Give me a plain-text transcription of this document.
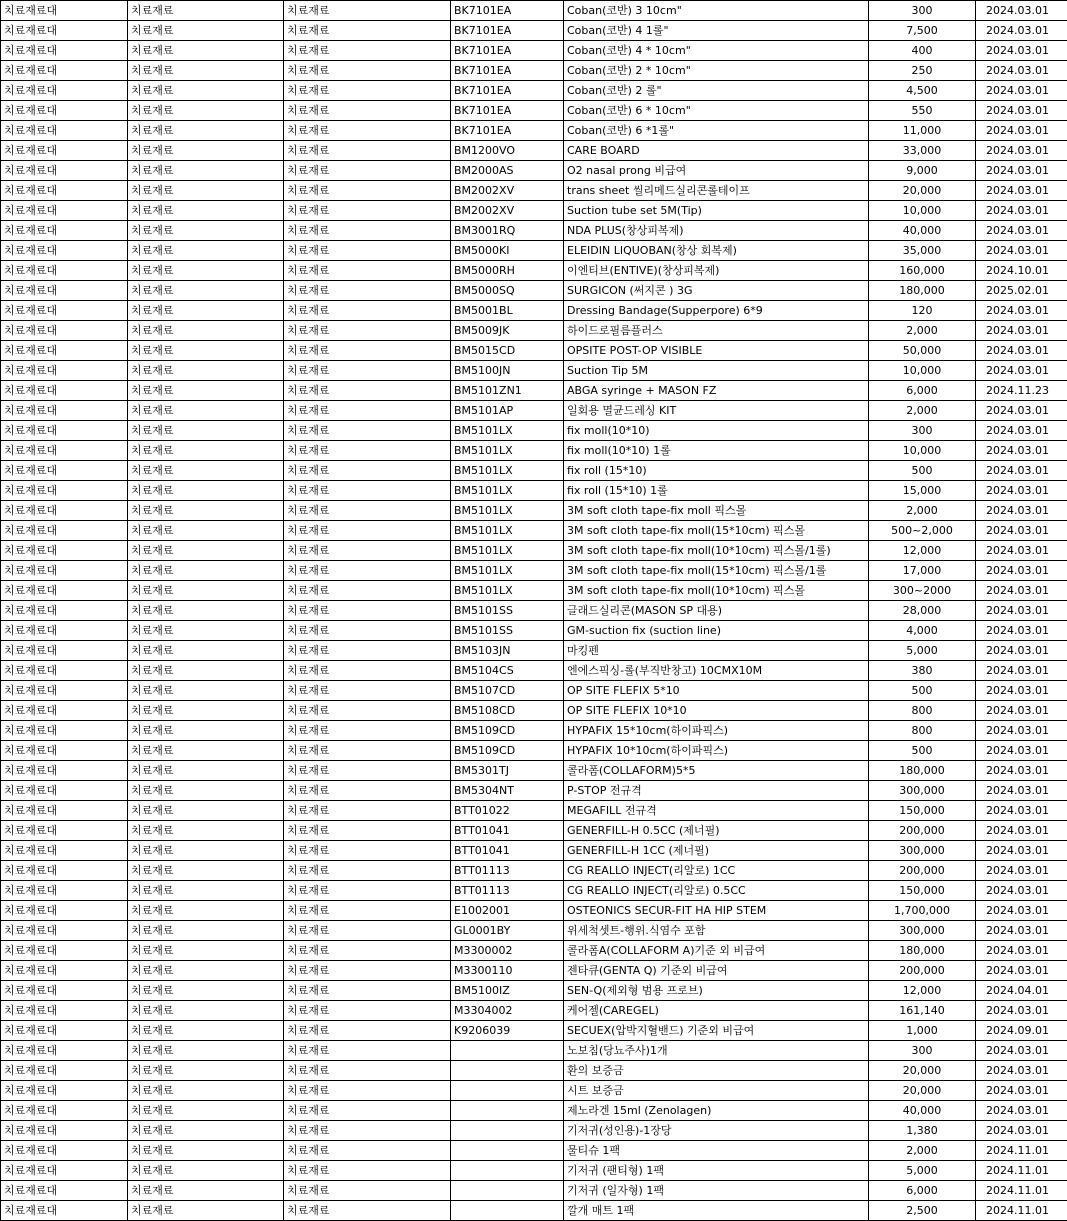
치료재료대	치료재료	치료재료	BK7101EA	Coban(코반) 3 10cm"	300	2024.03.01
치료재료대	치료재료	치료재료	BK7101EA	Coban(코반) 4 1롤"	7,500	2024.03.01
치료재료대	치료재료	치료재료	BK7101EA	Coban(코반) 4 * 10cm"	400	2024.03.01
치료재료대	치료재료	치료재료	BK7101EA	Coban(코반) 2 * 10cm"	250	2024.03.01
치료재료대	치료재료	치료재료	BK7101EA	Coban(코반) 2 롤"	4,500	2024.03.01
치료재료대	치료재료	치료재료	BK7101EA	Coban(코반) 6 * 10cm"	550	2024.03.01
치료재료대	치료재료	치료재료	BK7101EA	Coban(코반) 6 *1롤"	11,000	2024.03.01
치료재료대	치료재료	치료재료	BM1200VO	CARE BOARD	33,000	2024.03.01
치료재료대	치료재료	치료재료	BM2000AS	O2 nasal prong 비급여	9,000	2024.03.01
치료재료대	치료재료	치료재료	BM2002XV	trans sheet 씰리메드실리콘롤테이프	20,000	2024.03.01
치료재료대	치료재료	치료재료	BM2002XV	Suction tube set 5M(Tip)	10,000	2024.03.01
치료재료대	치료재료	치료재료	BM3001RQ	NDA PLUS(창상피복제)	40,000	2024.03.01
치료재료대	치료재료	치료재료	BM5000KI	ELEIDIN LIQUOBAN(창상 회복제)	35,000	2024.03.01
치료재료대	치료재료	치료재료	BM5000RH	이엔티브(ENTIVE)(창상피복제)	160,000	2024.10.01
치료재료대	치료재료	치료재료	BM5000SQ	SURGICON (써지콘 ) 3G	180,000	2025.02.01
치료재료대	치료재료	치료재료	BM5001BL	Dressing Bandage(Supperpore) 6*9	120	2024.03.01
치료재료대	치료재료	치료재료	BM5009JK	하이드로필름플러스	2,000	2024.03.01
치료재료대	치료재료	치료재료	BM5015CD	OPSITE POST-OP VISIBLE	50,000	2024.03.01
치료재료대	치료재료	치료재료	BM5100JN	Suction Tip 5M	10,000	2024.03.01
치료재료대	치료재료	치료재료	BM5101ZN1	ABGA syringe + MASON FZ	6,000	2024.11.23
치료재료대	치료재료	치료재료	BM5101AP	일회용 멸균드레싱 KIT	2,000	2024.03.01
치료재료대	치료재료	치료재료	BM5101LX	fix moll(10*10)	300	2024.03.01
치료재료대	치료재료	치료재료	BM5101LX	fix moll(10*10) 1롤	10,000	2024.03.01
치료재료대	치료재료	치료재료	BM5101LX	fix roll (15*10)	500	2024.03.01
치료재료대	치료재료	치료재료	BM5101LX	fix roll (15*10) 1롤	15,000	2024.03.01
치료재료대	치료재료	치료재료	BM5101LX	3M soft cloth tape-fix moll 픽스몰	2,000	2024.03.01
치료재료대	치료재료	치료재료	BM5101LX	3M soft cloth tape-fix moll(15*10cm) 픽스몰	500~2,000	2024.03.01
치료재료대	치료재료	치료재료	BM5101LX	3M soft cloth tape-fix moll(10*10cm) 픽스몰/1롤)	12,000	2024.03.01
치료재료대	치료재료	치료재료	BM5101LX	3M soft cloth tape-fix moll(15*10cm) 픽스몰/1롤	17,000	2024.03.01
치료재료대	치료재료	치료재료	BM5101LX	3M soft cloth tape-fix moll(10*10cm) 픽스몰	300~2000	2024.03.01
치료재료대	치료재료	치료재료	BM5101SS	글래드실리콘(MASON SP 대용)	28,000	2024.03.01
치료재료대	치료재료	치료재료	BM5101SS	GM-suction fix (suction line)	4,000	2024.03.01
치료재료대	치료재료	치료재료	BM5103JN	마킹펜	5,000	2024.03.01
치료재료대	치료재료	치료재료	BM5104CS	엔에스픽싱-롤(부직반창고) 10CMX10M	380	2024.03.01
치료재료대	치료재료	치료재료	BM5107CD	OP SITE FLEFIX 5*10	500	2024.03.01
치료재료대	치료재료	치료재료	BM5108CD	OP SITE FLEFIX 10*10	800	2024.03.01
치료재료대	치료재료	치료재료	BM5109CD	HYPAFIX 15*10cm(하이파픽스)	800	2024.03.01
치료재료대	치료재료	치료재료	BM5109CD	HYPAFIX 10*10cm(하이파픽스)	500	2024.03.01
치료재료대	치료재료	치료재료	BM5301TJ	콜라폼(COLLAFORM)5*5	180,000	2024.03.01
치료재료대	치료재료	치료재료	BM5304NT	P-STOP 전규격	300,000	2024.03.01
치료재료대	치료재료	치료재료	BTT01022	MEGAFILL 전규격	150,000	2024.03.01
치료재료대	치료재료	치료재료	BTT01041	GENERFILL-H 0.5CC (제너필)	200,000	2024.03.01
치료재료대	치료재료	치료재료	BTT01041	GENERFILL-H 1CC (제너필)	300,000	2024.03.01
치료재료대	치료재료	치료재료	BTT01113	CG REALLO INJECT(리알로) 1CC	200,000	2024.03.01
치료재료대	치료재료	치료재료	BTT01113	CG REALLO INJECT(리알로) 0.5CC	150,000	2024.03.01
치료재료대	치료재료	치료재료	E1002001	OSTEONICS SECUR-FIT HA HIP STEM	1,700,000	2024.03.01
치료재료대	치료재료	치료재료	GL0001BY	위세척셋트-행위.식염수 포함	300,000	2024.03.01
치료재료대	치료재료	치료재료	M3300002	콜라폼A(COLLAFORM A)기준 외 비급여	180,000	2024.03.01
치료재료대	치료재료	치료재료	M3300110	젠타큐(GENTA Q) 기준외 비급여	200,000	2024.03.01
치료재료대	치료재료	치료재료	BM5100IZ	SEN-Q(제외형 범용 프로브)	12,000	2024.04.01
치료재료대	치료재료	치료재료	M3304002	케어젤(CAREGEL)	161,140	2024.03.01
치료재료대	치료재료	치료재료	K9206039	SECUEX(압박지혈밴드) 기준외 비급여	1,000	2024.09.01
치료재료대	치료재료	치료재료		노보침(당뇨주사)1개	300	2024.03.01
치료재료대	치료재료	치료재료		환의 보증금	20,000	2024.03.01
치료재료대	치료재료	치료재료		시트 보증금	20,000	2024.03.01
치료재료대	치료재료	치료재료		제노라겐 15ml (Zenolagen)	40,000	2024.03.01
치료재료대	치료재료	치료재료		기저귀(성인용)-1장당	1,380	2024.03.01
치료재료대	치료재료	치료재료		물티슈 1팩	2,000	2024.11.01
치료재료대	치료재료	치료재료		기저귀 (팬티형) 1팩	5,000	2024.11.01
치료재료대	치료재료	치료재료		기저귀 (일자형) 1팩	6,000	2024.11.01
치료재료대	치료재료	치료재료		깔개 매트 1팩	2,500	2024.11.01
